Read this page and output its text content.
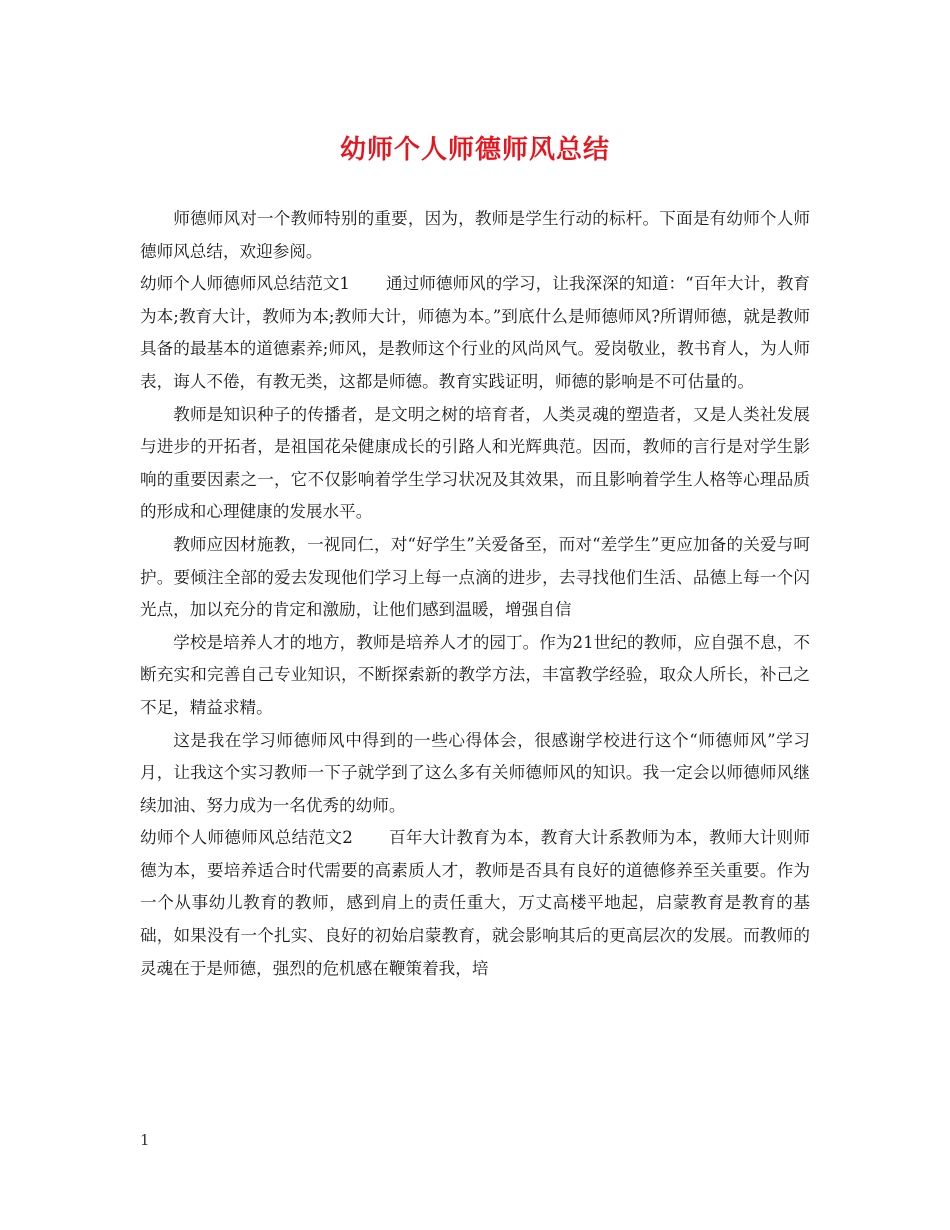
幼师个人师德师风总结

师德师风对一个教师特别的重要，因为，教师是学生行动的标杆。下面是有幼师个人师德师风总结，欢迎参阅。

幼师个人师德师风总结范文1 通过师德师风的学习，让我深深的知道：“百年大计，教育为本;教育大计，教师为本;教师大计，师德为本。”到底什么是师德师风?所谓师德，就是教师具备的最基本的道德素养;师风，是教师这个行业的风尚风气。爱岗敬业，教书育人，为人师表，诲人不倦，有教无类，这都是师德。教育实践证明，师德的影响是不可估量的。

教师是知识种子的传播者，是文明之树的培育者，人类灵魂的塑造者，又是人类社发展与进步的开拓者，是祖国花朵健康成长的引路人和光辉典范。因而，教师的言行是对学生影响的重要因素之一，它不仅影响着学生学习状况及其效果，而且影响着学生人格等心理品质的形成和心理健康的发展水平。

教师应因材施教，一视同仁，对“好学生”关爱备至，而对“差学生”更应加备的关爱与呵护。要倾注全部的爱去发现他们学习上每一点滴的进步，去寻找他们生活、品德上每一个闪光点，加以充分的肯定和激励，让他们感到温暖，增强自信

学校是培养人才的地方，教师是培养人才的园丁。作为21世纪的教师，应自强不息，不断充实和完善自己专业知识，不断探索新的教学方法，丰富教学经验，取众人所长，补己之不足，精益求精。

这是我在学习师德师风中得到的一些心得体会，很感谢学校进行这个“师德师风”学习月，让我这个实习教师一下子就学到了这么多有关师德师风的知识。我一定会以师德师风继续加油、努力成为一名优秀的幼师。

幼师个人师德师风总结范文2 百年大计教育为本，教育大计系教师为本，教师大计则师德为本，要培养适合时代需要的高素质人才，教师是否具有良好的道德修养至关重要。作为一个从事幼儿教育的教师，感到肩上的责任重大，万丈高楼平地起，启蒙教育是教育的基础，如果没有一个扎实、良好的初始启蒙教育，就会影响其后的更高层次的发展。而教师的灵魂在于是师德，强烈的危机感在鞭策着我，培

1
